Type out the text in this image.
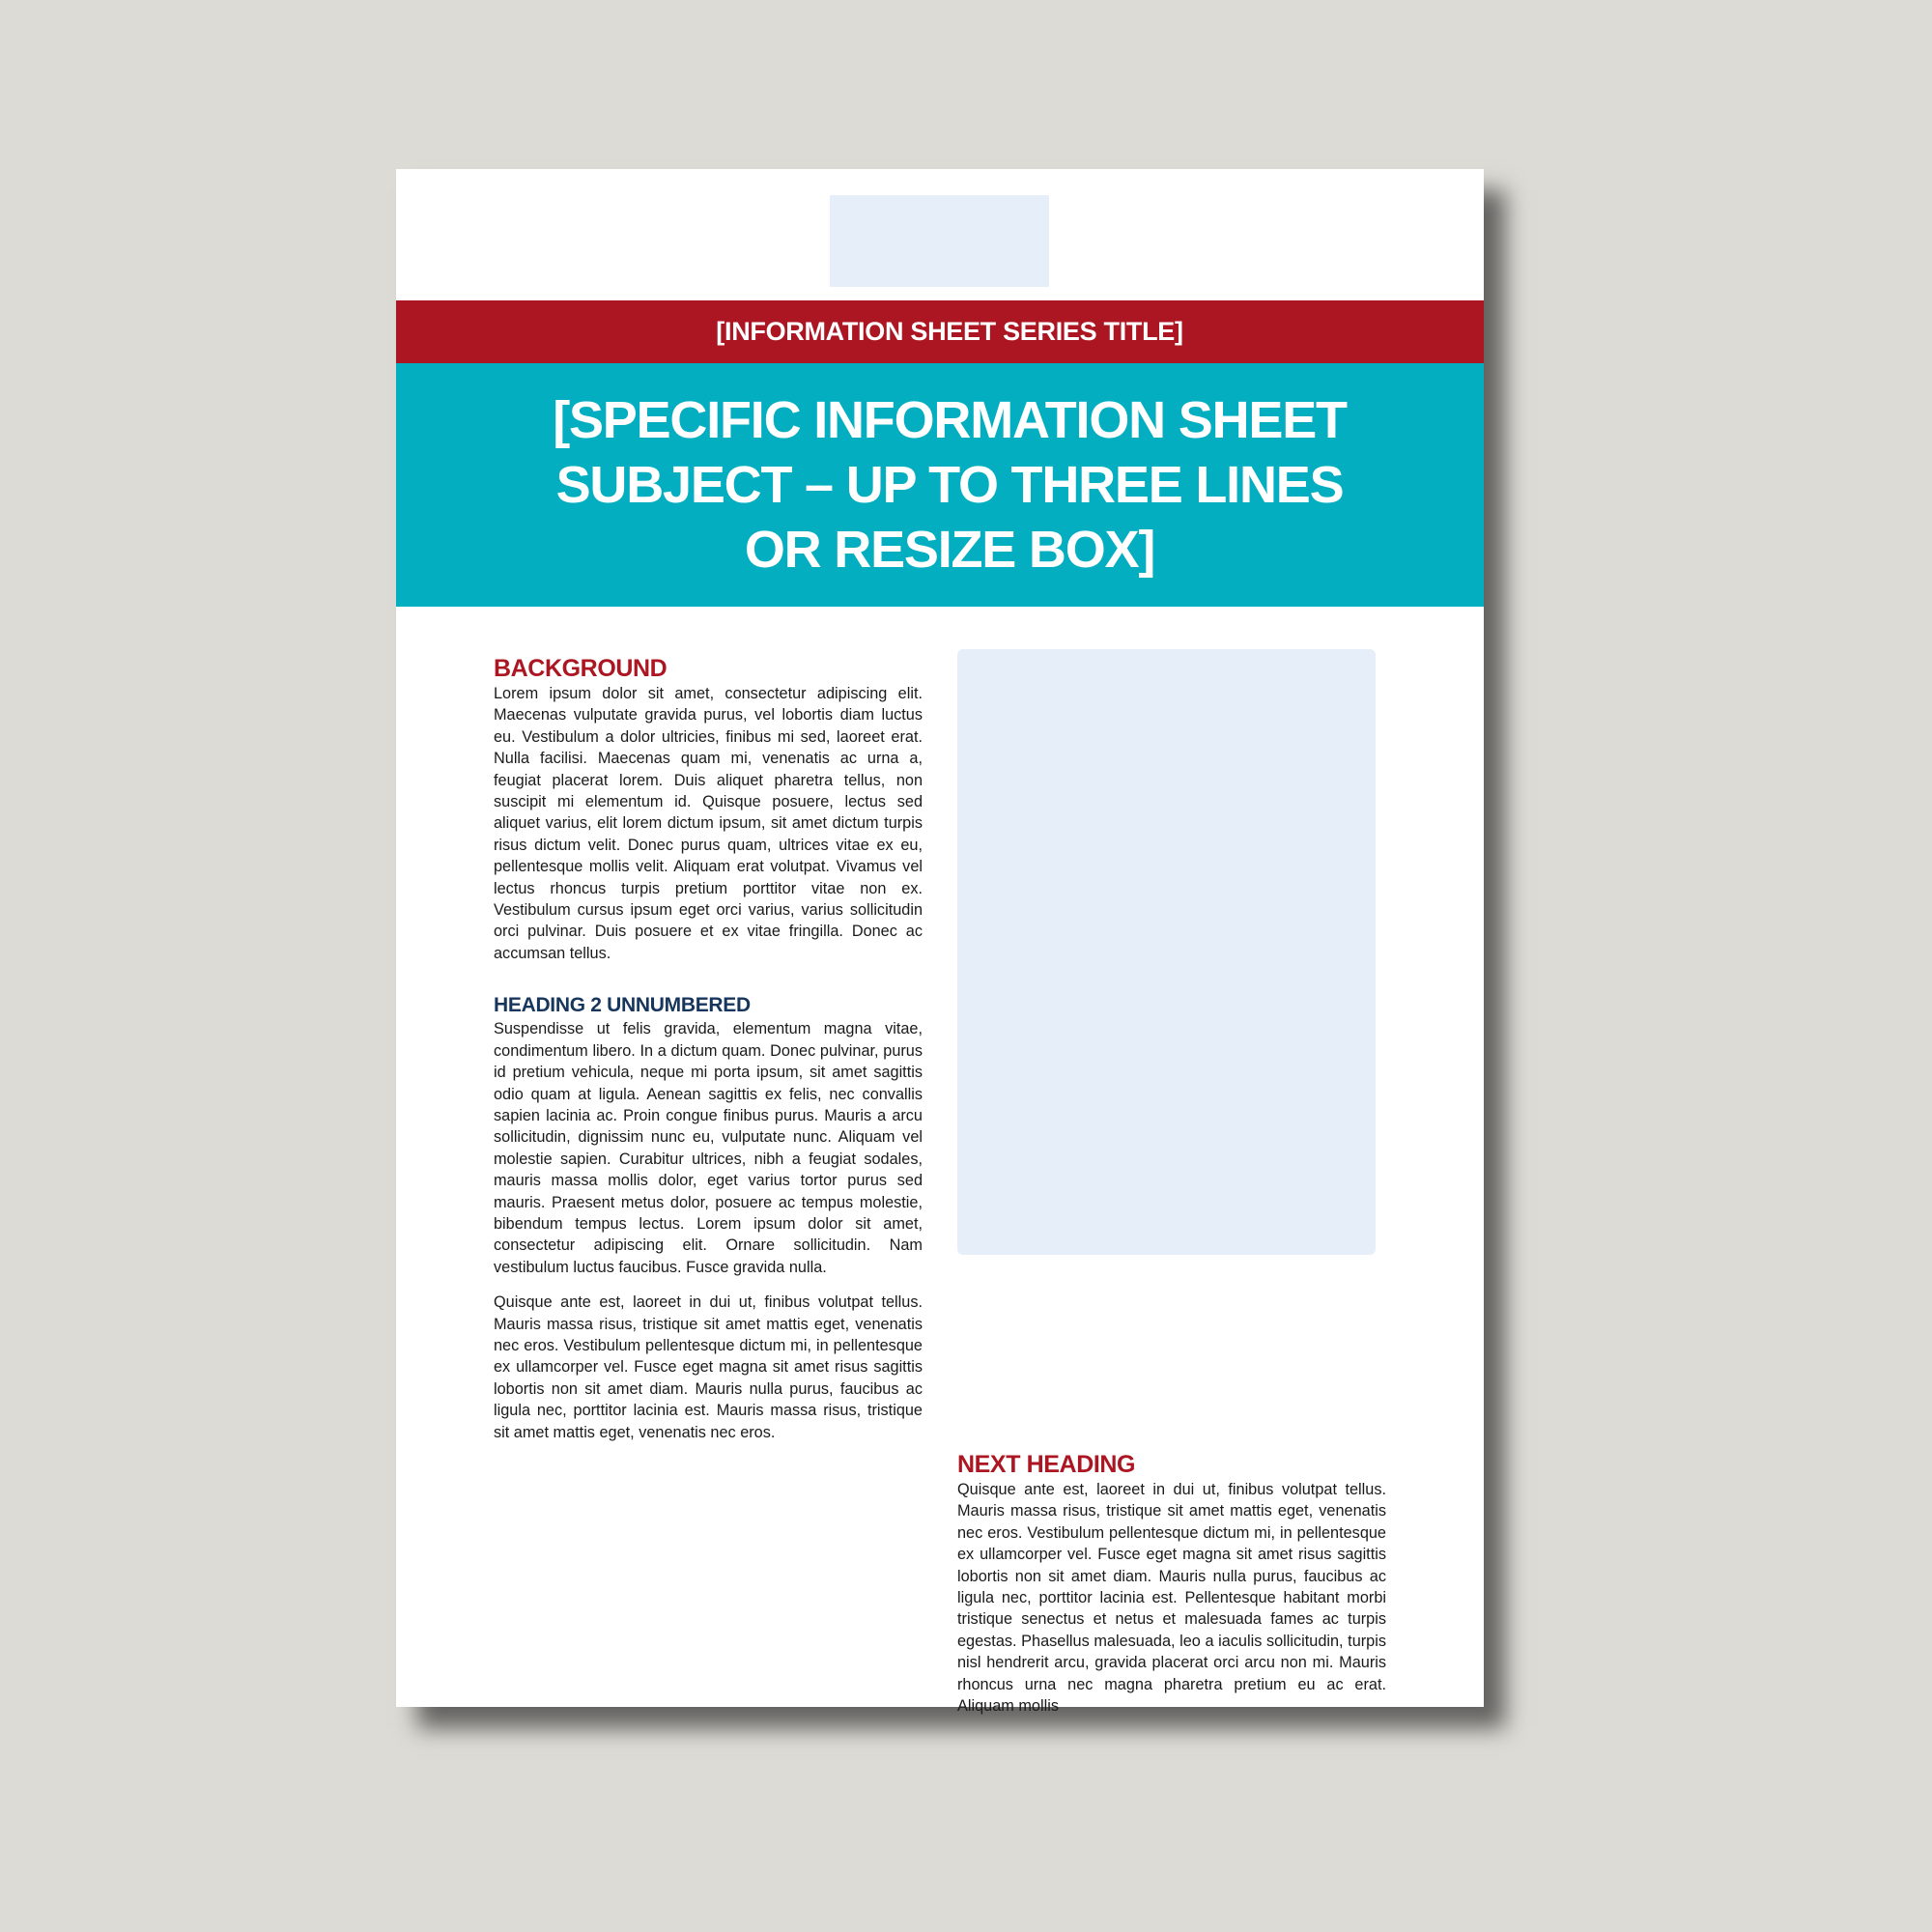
[INFORMATION SHEET SERIES TITLE]
[SPECIFIC INFORMATION SHEET SUBJECT – UP TO THREE LINES OR RESIZE BOX]
BACKGROUND

Lorem ipsum dolor sit amet, consectetur adipiscing elit. Maecenas vulputate gravida purus, vel lobortis diam luctus eu. Vestibulum a dolor ultricies, finibus mi sed, laoreet erat. Nulla facilisi. Maecenas quam mi, venenatis ac urna a, feugiat placerat lorem. Duis aliquet pharetra tellus, non suscipit mi elementum id. Quisque posuere, lectus sed aliquet varius, elit lorem dictum ipsum, sit amet dictum turpis risus dictum velit. Donec purus quam, ultrices vitae ex eu, pellentesque mollis velit. Aliquam erat volutpat. Vivamus vel lectus rhoncus turpis pretium porttitor vitae non ex. Vestibulum cursus ipsum eget orci varius, varius sollicitudin orci pulvinar. Duis posuere et ex vitae fringilla. Donec ac accumsan tellus.

HEADING 2 UNNUMBERED

Suspendisse ut felis gravida, elementum magna vitae, condimentum libero. In a dictum quam. Donec pulvinar, purus id pretium vehicula, neque mi porta ipsum, sit amet sagittis odio quam at ligula. Aenean sagittis ex felis, nec convallis sapien lacinia ac. Proin congue finibus purus. Mauris a arcu sollicitudin, dignissim nunc eu, vulputate nunc. Aliquam vel molestie sapien. Curabitur ultrices, nibh a feugiat sodales, mauris massa mollis dolor, eget varius tortor purus sed mauris. Praesent metus dolor, posuere ac tempus molestie, bibendum tempus lectus. Lorem ipsum dolor sit amet, consectetur adipiscing elit. Ornare sollicitudin. Nam vestibulum luctus faucibus. Fusce gravida nulla.

Quisque ante est, laoreet in dui ut, finibus volutpat tellus. Mauris massa risus, tristique sit amet mattis eget, venenatis nec eros. Vestibulum pellentesque dictum mi, in pellentesque ex ullamcorper vel. Fusce eget magna sit amet risus sagittis lobortis non sit amet diam. Mauris nulla purus, faucibus ac ligula nec, porttitor lacinia est. Mauris massa risus, tristique sit amet mattis eget, venenatis nec eros.

NEXT HEADING

Quisque ante est, laoreet in dui ut, finibus volutpat tellus. Mauris massa risus, tristique sit amet mattis eget, venenatis nec eros. Vestibulum pellentesque dictum mi, in pellentesque ex ullamcorper vel. Fusce eget magna sit amet risus sagittis lobortis non sit amet diam. Mauris nulla purus, faucibus ac ligula nec, porttitor lacinia est. Pellentesque habitant morbi tristique senectus et netus et malesuada fames ac turpis egestas. Phasellus malesuada, leo a iaculis sollicitudin, turpis nisl hendrerit arcu, gravida placerat orci arcu non mi. Mauris rhoncus urna nec magna pharetra pretium eu ac erat. Aliquam mollis
